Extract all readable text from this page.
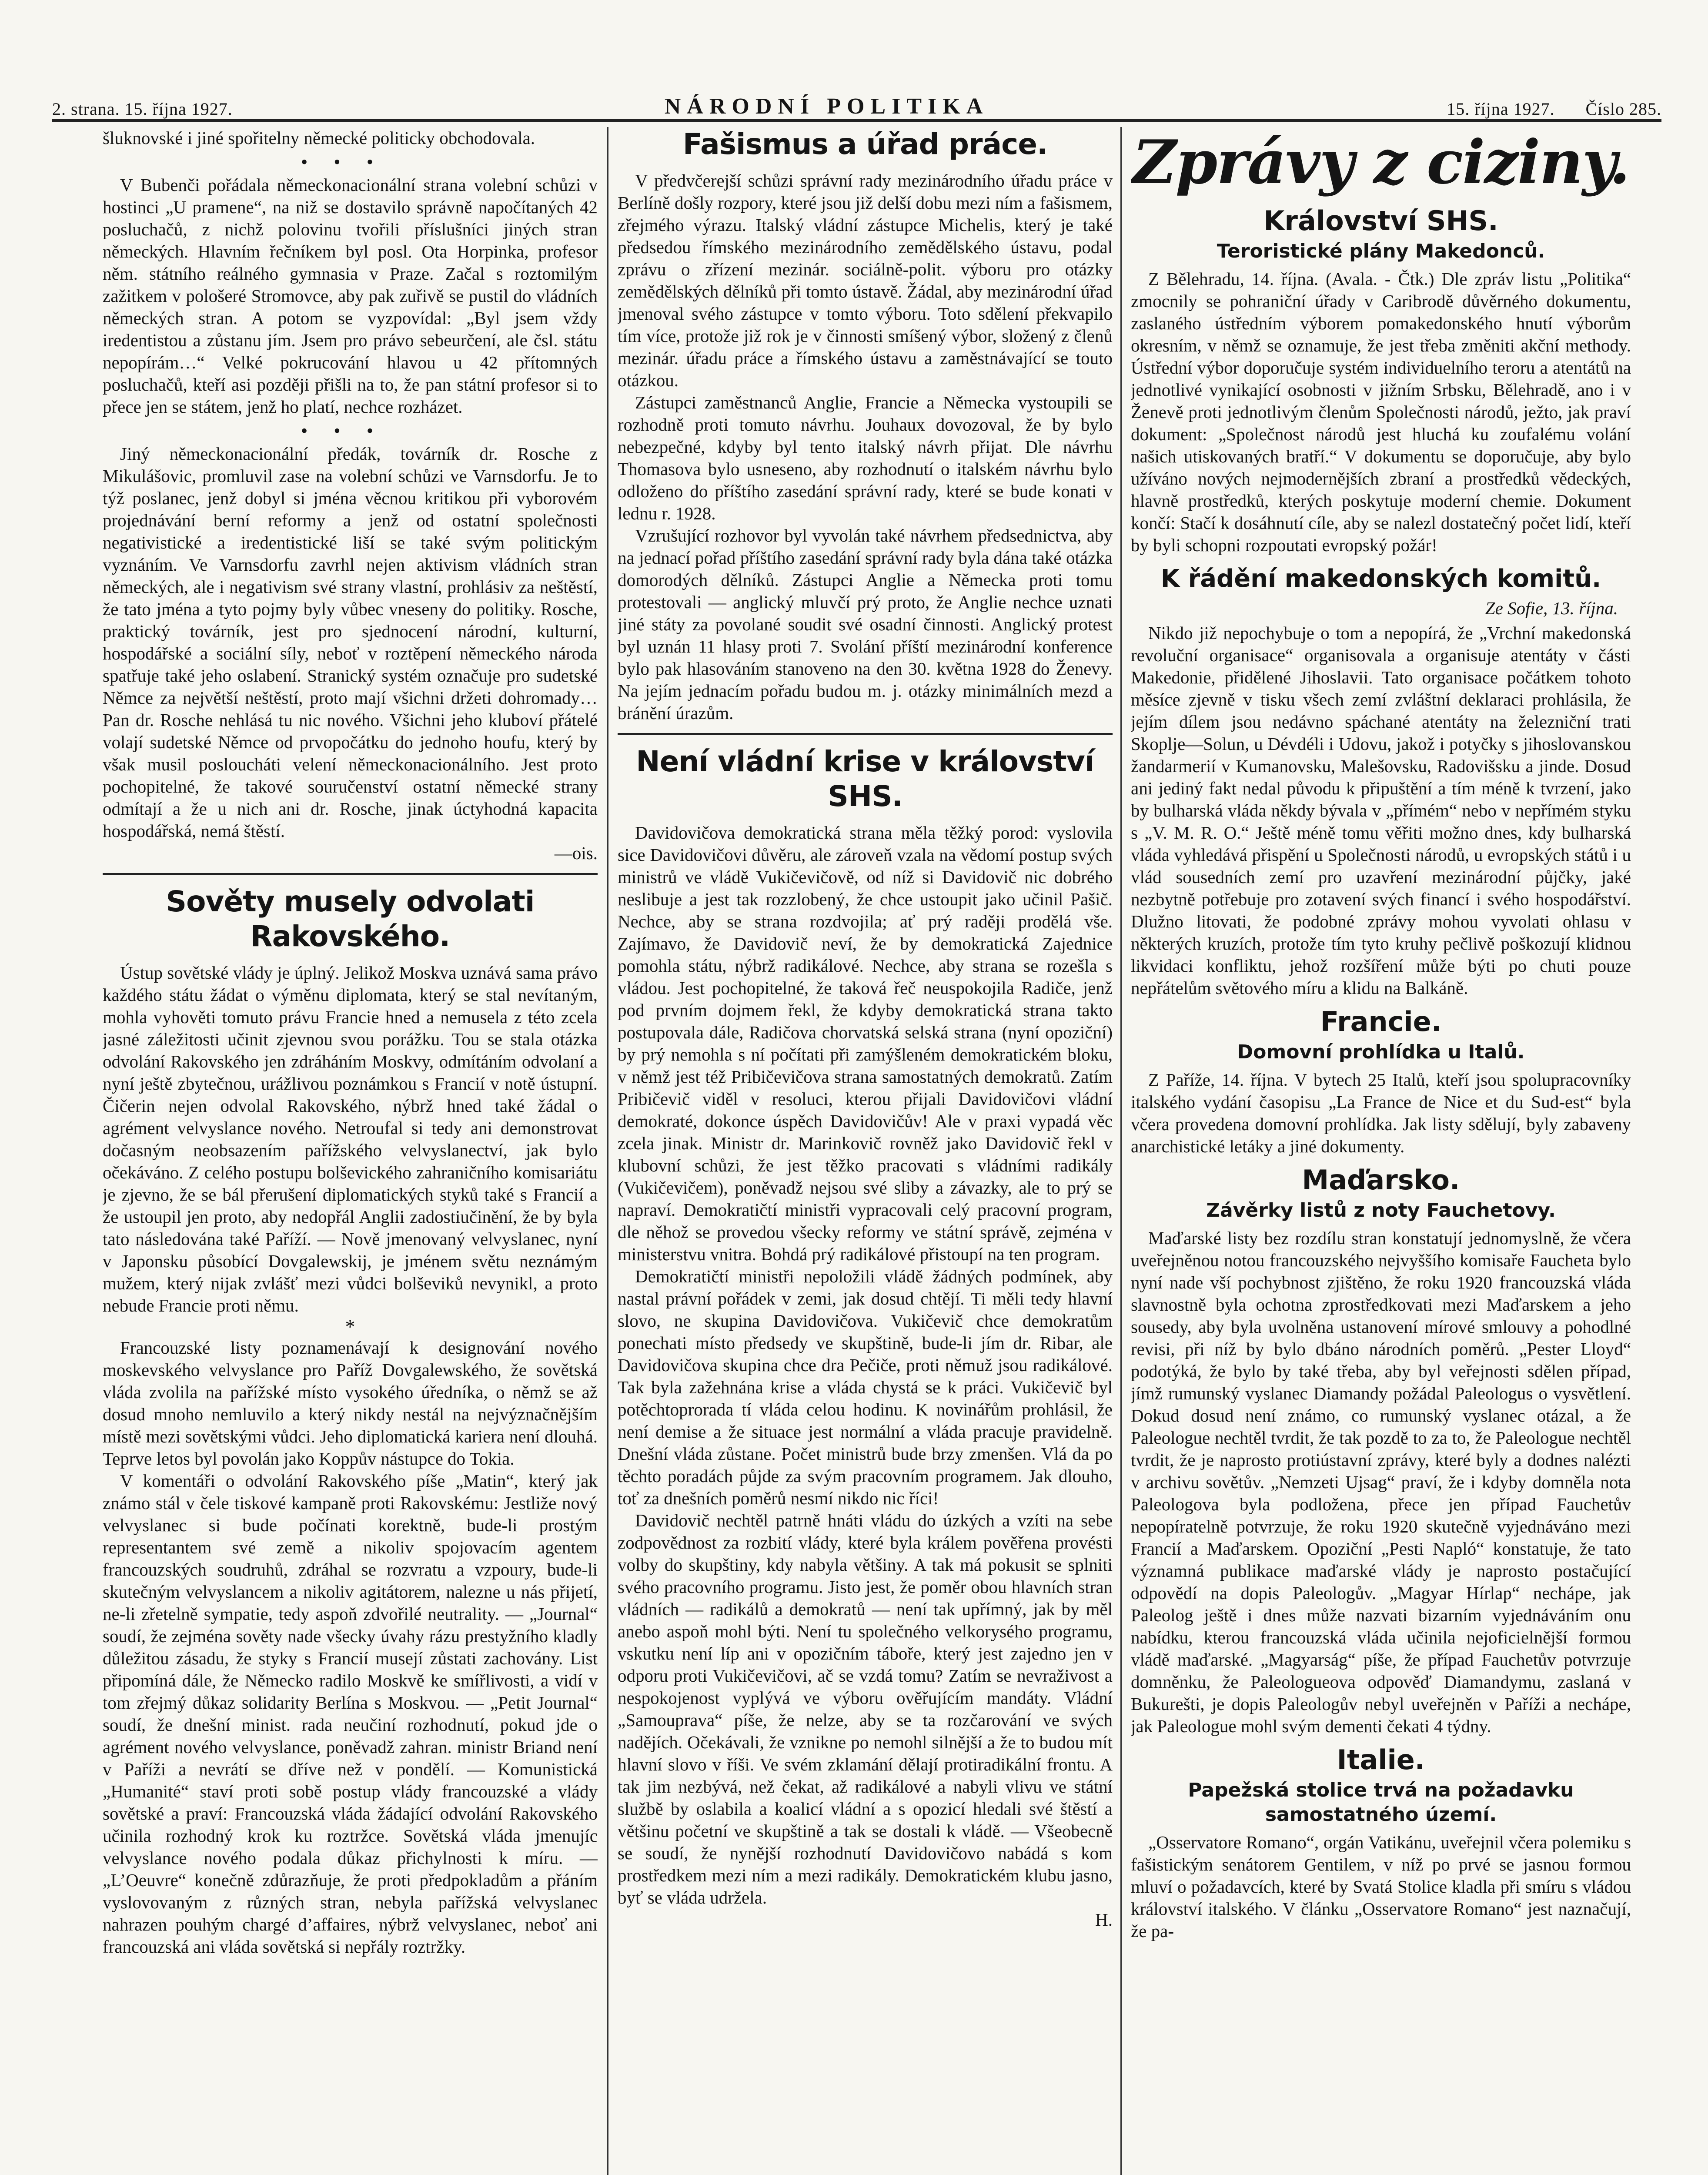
2. strana. 15. října 1927.	NÁRODNÍ POLITIKA	15. října 1927. Číslo 285.

šluknovské i jiné spořitelny německé politicky obchodovala.

•••

V Bubenči pořádala německonacionální strana volební schůzi v hostinci „U pramene“, na niž se dostavilo správně napočítaných 42 posluchačů, z nichž polovinu tvořili příslušníci jiných stran německých. Hlavním řečníkem byl posl. Ota Horpinka, profesor něm. státního reálného gymnasia v Praze. Začal s roztomilým zažitkem v pološeré Stromovce, aby pak zuřivě se pustil do vládních německých stran. A potom se vyzpovídal: „Byl jsem vždy iredentistou a zůstanu jím. Jsem pro právo sebeurčení, ale čsl. státu nepopírám…“ Velké pokrucování hlavou u 42 přítomných posluchačů, kteří asi později přišli na to, že pan státní profesor si to přece jen se státem, jenž ho platí, nechce rozházet.

•••

Jiný německonacionální předák, továrník dr. Rosche z Mikulášovic, promluvil zase na volební schůzi ve Varnsdorfu. Je to týž poslanec, jenž dobyl si jména věcnou kritikou při vyborovém projednávání berní reformy a jenž od ostatní společnosti negativistické a iredentistické liší se také svým politickým vyznáním. Ve Varnsdorfu zavrhl nejen aktivism vládních stran německých, ale i negativism své strany vlastní, prohlásiv za neštěstí, že tato jména a tyto pojmy byly vůbec vneseny do politiky. Rosche, praktický továrník, jest pro sjednocení národní, kulturní, hospodářské a sociální síly, neboť v roztěpení německého národa spatřuje také jeho oslabení. Stranický systém označuje pro sudetské Němce za největší neštěstí, proto mají všichni držeti dohromady… Pan dr. Rosche nehlásá tu nic nového. Všichni jeho kluboví přátelé volají sudetské Němce od prvopočátku do jednoho houfu, který by však musil posloucháti velení německonacionálního. Jest proto pochopitelné, že takové souručenství ostatní německé strany odmítají a že u nich ani dr. Rosche, jinak úctyhodná kapacita hospodářská, nemá štěstí.

—ois.

Sověty musely odvolati Rakovského.

Ústup sovětské vlády je úplný. Jelikož Moskva uznává sama právo každého státu žádat o výměnu diplomata, který se stal nevítaným, mohla vyhověti tomuto právu Francie hned a nemusela z této zcela jasné záležitosti učinit zjevnou svou porážku. Tou se stala otázka odvolání Rakovského jen zdráháním Moskvy, odmítáním odvolaní a nyní ještě zbytečnou, urážlivou poznámkou s Francií v notě ústupní. Čičerin nejen odvolal Rakovského, nýbrž hned také žádal o agrément velvyslance nového. Netroufal si tedy ani demonstrovat dočasným neobsazením pařížského velvyslanectví, jak bylo očekáváno. Z celého postupu bolševického zahraničního komisariátu je zjevno, že se bál přerušení diplomatických styků také s Francií a že ustoupil jen proto, aby nedopřál Anglii zadostiučinění, že by byla tato následována také Paříží. — Nově jmenovaný velvyslanec, nyní v Japonsku působící Dovgalewskij, je jménem světu neznámým mužem, který nijak zvlášť mezi vůdci bolševiků nevynikl, a proto nebude Francie proti němu.

*

Francouzské listy poznamenávají k designování nového moskevského velvyslance pro Paříž Dovgalewského, že sovětská vláda zvolila na pařížské místo vysokého úředníka, o němž se až dosud mnoho nemluvilo a který nikdy nestál na nejvýznačnějším místě mezi sovětskými vůdci. Jeho diplomatická kariera není dlouhá. Teprve letos byl povolán jako Koppův nástupce do Tokia.

V komentáři o odvolání Rakovského píše „Matin“, který jak známo stál v čele tiskové kampaně proti Rakovskému: Jestliže nový velvyslanec si bude počínati korektně, bude-li prostým representantem své země a nikoliv spojovacím agentem francouzských soudruhů, zdráhal se rozvratu a vzpoury, bude-li skutečným velvyslancem a nikoliv agitátorem, nalezne u nás přijetí, ne-li zřetelně sympatie, tedy aspoň zdvořilé neutrality. — „Journal“ soudí, že zejména sověty nade všecky úvahy rázu prestyžního kladly důležitou zásadu, že styky s Francií musejí zůstati zachovány. List připomíná dále, že Německo radilo Moskvě ke smířlivosti, a vidí v tom zřejmý důkaz solidarity Berlína s Moskvou. — „Petit Journal“ soudí, že dnešní minist. rada neučiní rozhodnutí, pokud jde o agrément nového velvyslance, poněvadž zahran. ministr Briand není v Paříži a nevrátí se dříve než v pondělí. — Komunistická „Humanité“ staví proti sobě postup vlády francouzské a vlády sovětské a praví: Francouzská vláda žádající odvolání Rakovského učinila rozhodný krok ku roztržce. Sovětská vláda jmenujíc velvyslance nového podala důkaz přichylnosti k míru. — „L’Oeuvre“ konečně zdůrazňuje, že proti předpokladům a přáním vyslovovaným z různých stran, nebyla pařížská velvyslanec nahrazen pouhým chargé d’affaires, nýbrž velvyslanec, neboť ani francouzská ani vláda sovětská si nepřály roztržky.

Fašismus a úřad práce.

V předvčerejší schůzi správní rady mezinárodního úřadu práce v Berlíně došly rozpory, které jsou již delší dobu mezi ním a fašismem, zřejmého výrazu. Italský vládní zástupce Michelis, který je také předsedou římského mezinárodního zemědělského ústavu, podal zprávu o zřízení mezinár. sociálně-polit. výboru pro otázky zemědělských dělníků při tomto ústavě. Žádal, aby mezinárodní úřad jmenoval svého zástupce v tomto výboru. Toto sdělení překvapilo tím více, protože již rok je v činnosti smíšený výbor, složený z členů mezinár. úřadu práce a římského ústavu a zaměstnávající se touto otázkou.

Zástupci zaměstnanců Anglie, Francie a Německa vystoupili se rozhodně proti tomuto návrhu. Jouhaux dovozoval, že by bylo nebezpečné, kdyby byl tento italský návrh přijat. Dle návrhu Thomasova bylo usneseno, aby rozhodnutí o italském návrhu bylo odloženo do příštího zasedání správní rady, které se bude konati v lednu r. 1928.

Vzrušující rozhovor byl vyvolán také návrhem předsednictva, aby na jednací pořad příštího zasedání správní rady byla dána také otázka domorodých dělníků. Zástupci Anglie a Německa proti tomu protestovali — anglický mluvčí prý proto, že Anglie nechce uznati jiné státy za povolané soudit své osadní činnosti. Anglický protest byl uznán 11 hlasy proti 7. Svolání příští mezinárodní konference bylo pak hlasováním stanoveno na den 30. května 1928 do Ženevy. Na jejím jednacím pořadu budou m. j. otázky minimálních mezd a bránění úrazům.

Není vládní krise v království SHS.

Davidovičova demokratická strana měla těžký porod: vyslovila sice Davidovičovi důvěru, ale zároveň vzala na vědomí postup svých ministrů ve vládě Vukičevičově, od níž si Davidovič nic dobrého neslibuje a jest tak rozzlobený, že chce ustoupit jako učinil Pašič. Nechce, aby se strana rozdvojila; ať prý raději prodělá vše. Zajímavo, že Davidovič neví, že by demokratická Zajednice pomohla státu, nýbrž radikálové. Nechce, aby strana se rozešla s vládou. Jest pochopitelné, že taková řeč neuspokojila Radiče, jenž pod prvním dojmem řekl, že kdyby demokratická strana takto postupovala dále, Radičova chorvatská selská strana (nyní opoziční) by prý nemohla s ní počítati při zamýšleném demokratickém bloku, v němž jest též Pribičevičova strana samostatných demokratů. Zatím Pribičevič viděl v resoluci, kterou přijali Davidovičovi vládní demokraté, dokonce úspěch Davidovičův! Ale v praxi vypadá věc zcela jinak. Ministr dr. Marinkovič rovněž jako Davidovič řekl v klubovní schůzi, že jest těžko pracovati s vládními radikály (Vukičevičem), poněvadž nejsou své sliby a závazky, ale to prý se napraví. Demokratičtí ministři vypracovali celý pracovní program, dle něhož se provedou všecky reformy ve státní správě, zejména v ministerstvu vnitra. Bohdá prý radikálové přistoupí na ten program.

Demokratičtí ministři nepoložili vládě žádných podmínek, aby nastal právní pořádek v zemi, jak dosud chtějí. Ti měli tedy hlavní slovo, ne skupina Davidovičova. Vukičevič chce demokratům ponechati místo předsedy ve skupštině, bude-li jím dr. Ribar, ale Davidovičova skupina chce dra Pečiče, proti němuž jsou radikálové. Tak byla zažehnána krise a vláda chystá se k práci. Vukičevič byl potěchtoprorada tí vláda celou hodinu. K novinářům prohlásil, že není demise a že situace jest normální a vláda pracuje pravidelně. Dnešní vláda zůstane. Počet ministrů bude brzy zmenšen. Vlá da po těchto poradách půjde za svým pracovním programem. Jak dlouho, toť za dnešních poměrů nesmí nikdo nic říci!

Davidovič nechtěl patrně hnáti vládu do úzkých a vzíti na sebe zodpovědnost za rozbití vlády, které byla králem pověřena provésti volby do skupštiny, kdy nabyla většiny. A tak má pokusit se splniti svého pracovního programu. Jisto jest, že poměr obou hlavních stran vládních — radikálů a demokratů — není tak upřímný, jak by měl anebo aspoň mohl býti. Není tu společného velkorysého programu, vskutku není líp ani v opozičním táboře, který jest zajedno jen v odporu proti Vukičevičovi, ač se vzdá tomu? Zatím se nevraživost a nespokojenost vyplývá ve výboru ověřujícím mandáty. Vládní „Samouprava“ píše, že nelze, aby se ta rozčarování ve svých nadějích. Očekávali, že vznikne po nemohl silnější a že to budou mít hlavní slovo v říši. Ve svém zklamání dělají protiradikální frontu. A tak jim nezbývá, než čekat, až radikálové a nabyli vlivu ve státní službě by oslabila a koalicí vládní a s opozicí hledali své štěstí a většinu početní ve skupštině a tak se dostali k vládě. — Všeobecně se soudí, že nynější rozhodnutí Davidovičovo nabádá s kom prostředkem mezi ním a mezi radikály. Demokratickém klubu jasno, byť se vláda udržela.

H.

Zprávy z ciziny.
Království SHS.
Teroristické plány Makedonců.

Z Bělehradu, 14. října. (Avala. - Čtk.) Dle zpráv listu „Politika“ zmocnily se pohraniční úřady v Caribrodě důvěrného dokumentu, zaslaného ústředním výborem pomakedonského hnutí výborům okresním, v němž se oznamuje, že jest třeba změniti akční methody. Ústřední výbor doporučuje systém individuelního teroru a atentátů na jednotlivé vynikající osobnosti v jižním Srbsku, Bělehradě, ano i v Ženevě proti jednotlivým členům Společnosti národů, ježto, jak praví dokument: „Společnost národů jest hluchá ku zoufalému volání našich utiskovaných bratří.“ V dokumentu se doporučuje, aby bylo užíváno nových nejmodernějších zbraní a prostředků vědeckých, hlavně prostředků, kterých poskytuje moderní chemie. Dokument končí: Stačí k dosáhnutí cíle, aby se nalezl dostatečný počet lidí, kteří by byli schopni rozpoutati evropský požár!

K řádění makedonských komitů.

Ze Sofie, 13. října.

Nikdo již nepochybuje o tom a nepopírá, že „Vrchní makedonská revoluční organisace“ organisovala a organisuje atentáty v části Makedonie, přidělené Jihoslavii. Tato organisace počátkem tohoto měsíce zjevně v tisku všech zemí zvláštní deklaraci prohlásila, že jejím dílem jsou nedávno spáchané atentáty na železniční trati Skoplje—Solun, u Dévdéli i Udovu, jakož i potyčky s jihoslovanskou žandarmerií v Kumanovsku, Malešovsku, Radovišsku a jinde. Dosud ani jediný fakt nedal původu k připuštění a tím méně k tvrzení, jako by bulharská vláda někdy bývala v „přímém“ nebo v nepřímém styku s „V. M. R. O.“ Ještě méně tomu věřiti možno dnes, kdy bulharská vláda vyhledává přispění u Společnosti národů, u evropských států i u vlád sousedních zemí pro uzavření mezinárodní půjčky, jaké nezbytně potřebuje pro zotavení svých financí i svého hospodářství. Dlužno litovati, že podobné zprávy mohou vyvolati ohlasu v některých kruzích, protože tím tyto kruhy pečlivě poškozují klidnou likvidaci konfliktu, jehož rozšíření může býti po chuti pouze nepřátelům světového míru a klidu na Balkáně.

Francie.
Domovní prohlídka u Italů.

Z Paříže, 14. října. V bytech 25 Italů, kteří jsou spolupracovníky italského vydání časopisu „La France de Nice et du Sud-est“ byla včera provedena domovní prohlídka. Jak listy sdělují, byly zabaveny anarchistické letáky a jiné dokumenty.

Maďarsko.
Závěrky listů z noty Fauchetovy.

Maďarské listy bez rozdílu stran konstatují jednomyslně, že včera uveřejněnou notou francouzského nejvyššího komisaře Faucheta bylo nyní nade vší pochybnost zjištěno, že roku 1920 francouzská vláda slavnostně byla ochotna zprostředkovati mezi Maďarskem a jeho sousedy, aby byla uvolněna ustanovení mírové smlouvy a pohodlné revisi, při níž by bylo dbáno národních poměrů. „Pester Lloyd“ podotýká, že bylo by také třeba, aby byl veřejnosti sdělen případ, jímž rumunský vyslanec Diamandy požádal Paleologus o vysvětlení. Dokud dosud není známo, co rumunský vyslanec otázal, a že Paleologue nechtěl tvrdit, že tak pozdě to za to, že Paleologue nechtěl tvrdit, že je naprosto protiústavní zprávy, které byly a dodnes nalézti v archivu sovětův. „Nemzeti Ujsag“ praví, že i kdyby domněla nota Paleologova byla podložena, přece jen případ Fauchetův nepopíratelně potvrzuje, že roku 1920 skutečně vyjednáváno mezi Francií a Maďarskem. Opoziční „Pesti Napló“ konstatuje, že tato významná publikace maďarské vlády je naprosto postačující odpovědí na dopis Paleologův. „Magyar Hírlap“ nechápe, jak Paleolog ještě i dnes může nazvati bizarním vyjednáváním onu nabídku, kterou francouzská vláda učinila nejoficielnější formou vládě maďarské. „Magyarság“ píše, že případ Fauchetův potvrzuje domněnku, že Paleologueova odpověď Diamandymu, zaslaná v Bukurešti, je dopis Paleologův nebyl uveřejněn v Paříži a nechápe, jak Paleologue mohl svým dementi čekati 4 týdny.

Italie.
Papežská stolice trvá na požadavku samostatného území.

„Osservatore Romano“, orgán Vatikánu, uveřejnil včera polemiku s fašistickým senátorem Gentilem, v níž po prvé se jasnou formou mluví o požadavcích, které by Svatá Stolice kladla při smíru s vládou království italského. V článku „Osservatore Romano“ jest naznačují, že pa-
